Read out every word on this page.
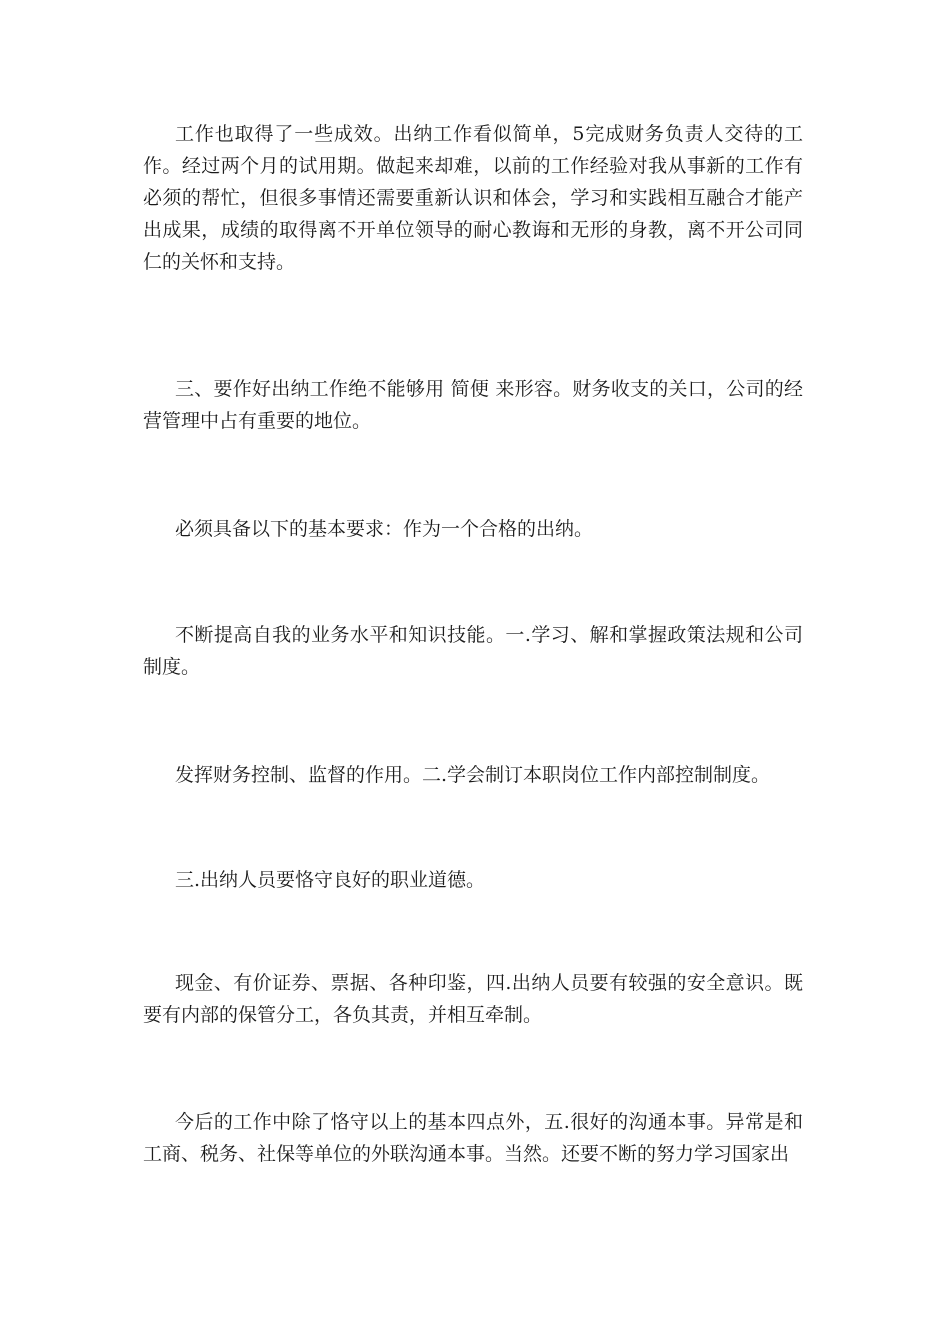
工作也取得了一些成效。出纳工作看似简单，5完成财务负责人交待的工作。经过两个月的试用期。做起来却难，以前的工作经验对我从事新的工作有必须的帮忙，但很多事情还需要重新认识和体会，学习和实践相互融合才能产出成果，成绩的取得离不开单位领导的耐心教诲和无形的身教，离不开公司同仁的关怀和支持。

三、要作好出纳工作绝不能够用 简便 来形容。财务收支的关口，公司的经营管理中占有重要的地位。

必须具备以下的基本要求：作为一个合格的出纳。

不断提高自我的业务水平和知识技能。一.学习、解和掌握政策法规和公司制度。

发挥财务控制、监督的作用。二.学会制订本职岗位工作内部控制制度。

三.出纳人员要恪守良好的职业道德。

现金、有价证券、票据、各种印鉴，四.出纳人员要有较强的安全意识。既要有内部的保管分工，各负其责，并相互牵制。

今后的工作中除了恪守以上的基本四点外，五.很好的沟通本事。异常是和工商、税务、社保等单位的外联沟通本事。当然。还要不断的努力学习国家出
